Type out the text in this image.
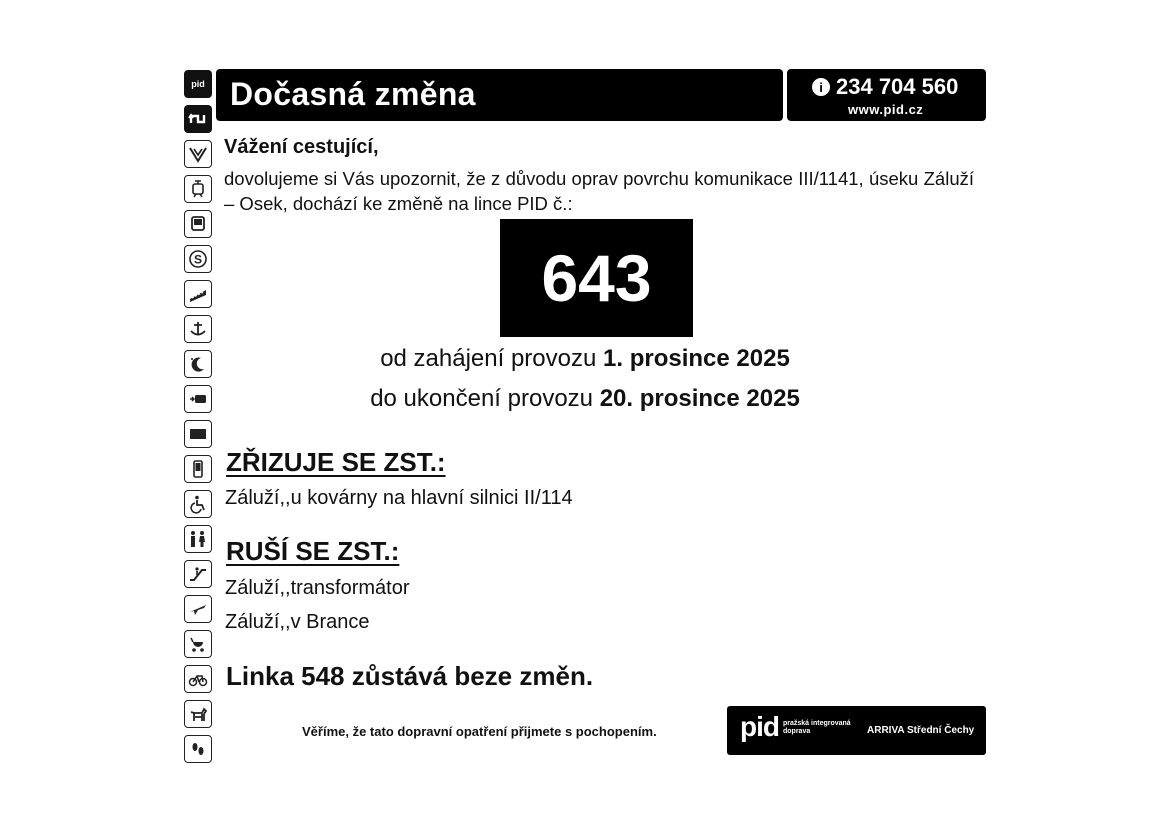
pid
S
Dočasná změna	i 234 704 560
www.pid.cz
Vážení cestující,
dovolujeme si Vás upozornit, že z důvodu oprav povrchu komunikace III/1141, úseku Záluží – Osek, dochází ke změně na lince PID č.:
643
od zahájení provozu 1. prosince 2025
do ukončení provozu 20. prosince 2025
ZŘIZUJE SE ZST.:
Záluží,,u kovárny na hlavní silnici II/114
RUŠÍ SE ZST.:
Záluží,,transformátor
Záluží,,v Brance
Linka 548 zůstává beze změn.
Věříme, že tato dopravní opatření přijmete s pochopením.	pid pražská integrovaná doprava	ARRIVA Střední Čechy
